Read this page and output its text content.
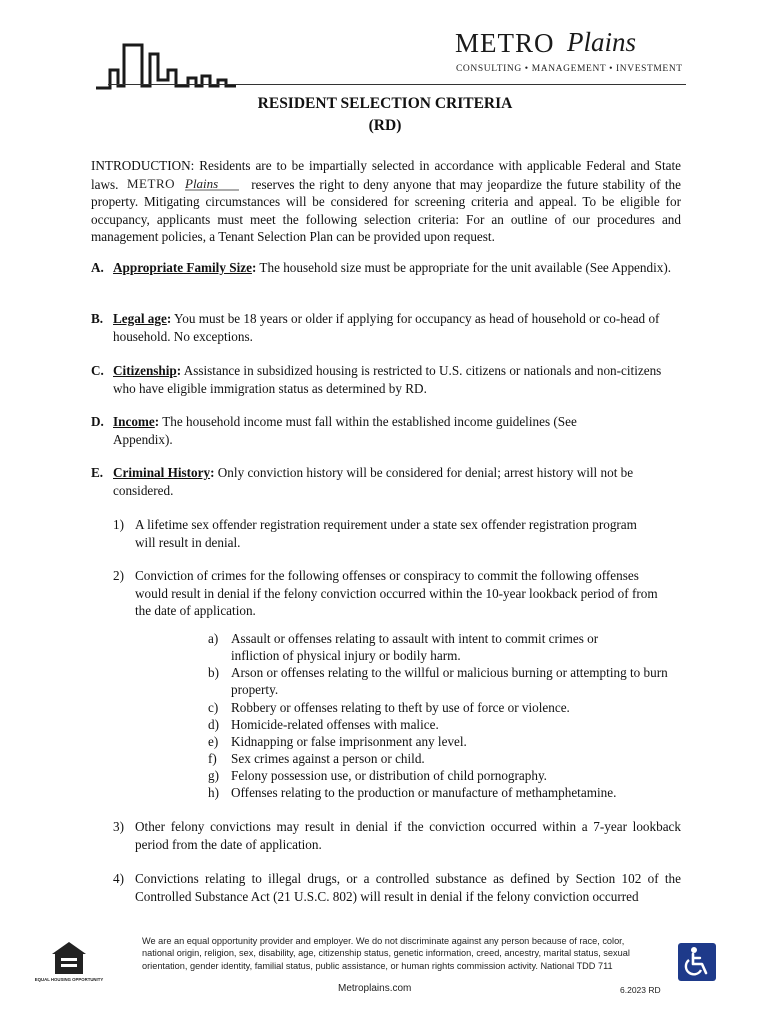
METRO Plains
CONSULTING • MANAGEMENT • INVESTMENT
RESIDENT SELECTION CRITERIA
(RD)
INTRODUCTION: Residents are to be impartially selected in accordance with applicable Federal and State laws. METRO Plains	reserves the right to deny anyone that may jeopardize the future stability of the property. Mitigating circumstances will be considered for screening criteria and appeal. To be eligible for occupancy, applicants must meet the following selection criteria: For an outline of our procedures and management policies, a Tenant Selection Plan can be provided upon request.
A. Appropriate Family Size: The household size must be appropriate for the unit available (See Appendix).
B. Legal age: You must be 18 years or older if applying for occupancy as head of household or co-head of household. No exceptions.
C. Citizenship: Assistance in subsidized housing is restricted to U.S. citizens or nationals and non-citizens who have eligible immigration status as determined by RD.
D. Income: The household income must fall within the established income guidelines (See Appendix).
E. Criminal History: Only conviction history will be considered for denial; arrest history will not be considered.
1) A lifetime sex offender registration requirement under a state sex offender registration program will result in denial.
2) Conviction of crimes for the following offenses or conspiracy to commit the following offenses would result in denial if the felony conviction occurred within the 10-year lookback period of from the date of application.
a) Assault or offenses relating to assault with intent to commit crimes or infliction of physical injury or bodily harm.
b) Arson or offenses relating to the willful or malicious burning or attempting to burn property.
c) Robbery or offenses relating to theft by use of force or violence.
d) Homicide-related offenses with malice.
e) Kidnapping or false imprisonment any level.
f) Sex crimes against a person or child.
g) Felony possession use, or distribution of child pornography.
h) Offenses relating to the production or manufacture of methamphetamine.
3) Other felony convictions may result in denial if the conviction occurred within a 7-year lookback period from the date of application.
4) Convictions relating to illegal drugs, or a controlled substance as defined by Section 102 of the Controlled Substance Act (21 U.S.C. 802) will result in denial if the felony conviction occurred
EQUAL HOUSING OPPORTUNITY
We are an equal opportunity provider and employer. We do not discriminate against any person because of race, color, national origin, religion, sex, disability, age, citizenship status, genetic information, creed, ancestry, marital status, sexual orientation, gender identity, familial status, public assistance, or human rights commission activity. National TDD 711
Metroplains.com	6.2023 RD
